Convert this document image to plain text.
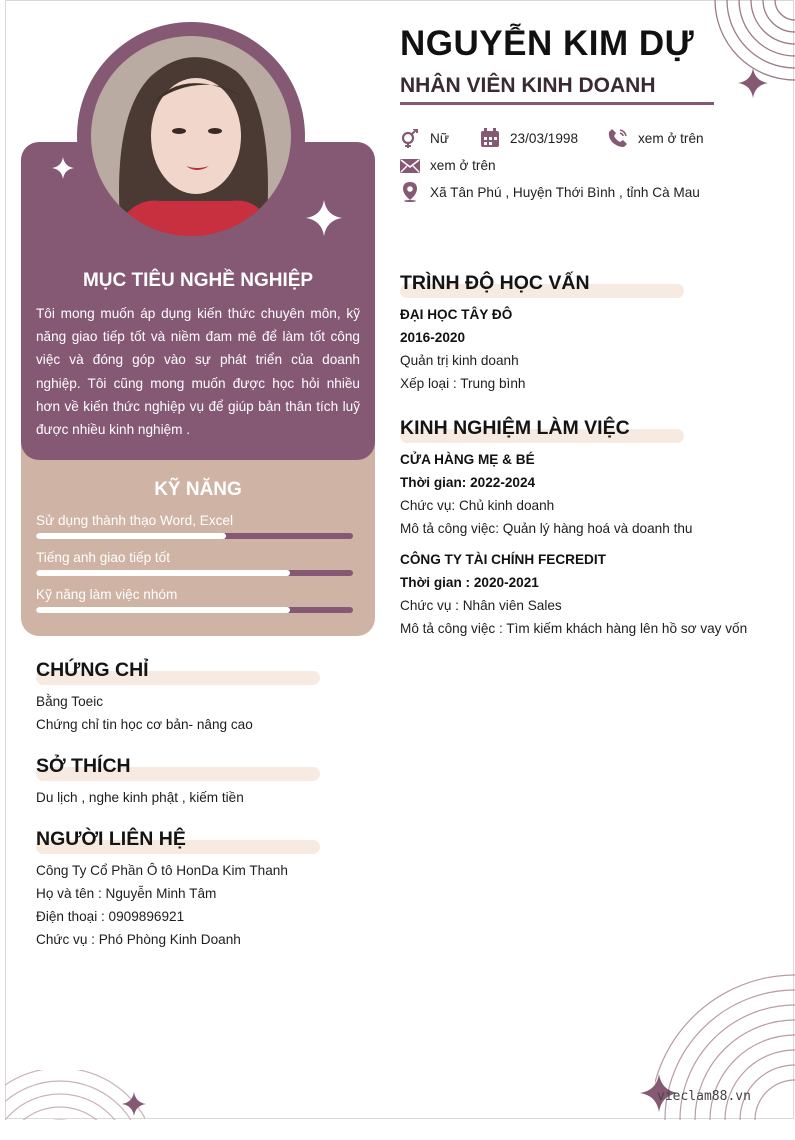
vieclam88.vn
MỤC TIÊU NGHỀ NGHIỆP
Tôi mong muốn áp dụng kiến thức chuyên môn, kỹ năng giao tiếp tốt và niềm đam mê để làm tốt công việc và đóng góp vào sự phát triển của doanh nghiệp. Tôi cũng mong muốn được học hỏi nhiều hơn về kiến thức nghiệp vụ để giúp bản thân tích luỹ được nhiều kinh nghiệm .
KỸ NĂNG
Sử dụng thành thạo Word, Excel
Tiếng anh giao tiếp tốt
Kỹ năng làm việc nhóm
CHỨNG CHỈ
Bằng Toeic
Chứng chỉ tin học cơ bản- nâng cao
SỞ THÍCH
Du lịch , nghe kinh phật , kiếm tiền
NGƯỜI LIÊN HỆ
Công Ty Cổ Phần Ô tô HonDa Kim Thanh
Họ và tên : Nguyễn Minh Tâm
Điện thoại : 0909896921
Chức vụ : Phó Phòng Kinh Doanh
NGUYỄN KIM DỰ
NHÂN VIÊN KINH DOANH
Nữ	23/03/1998	xem ở trên
xem ở trên
Xã Tân Phú , Huyện Thới Bình , tỉnh Cà Mau
TRÌNH ĐỘ HỌC VẤN
ĐẠI HỌC TÂY ĐÔ
2016-2020
Quản trị kinh doanh
Xếp loại : Trung bình
KINH NGHIỆM LÀM VIỆC
CỬA HÀNG MẸ & BÉ
Thời gian: 2022-2024
Chức vụ: Chủ kinh doanh
Mô tả công việc: Quản lý hàng hoá và doanh thu
CÔNG TY TÀI CHÍNH FECREDIT
Thời gian : 2020-2021
Chức vụ : Nhân viên Sales
Mô tả công việc : Tìm kiếm khách hàng lên hồ sơ vay vốn
